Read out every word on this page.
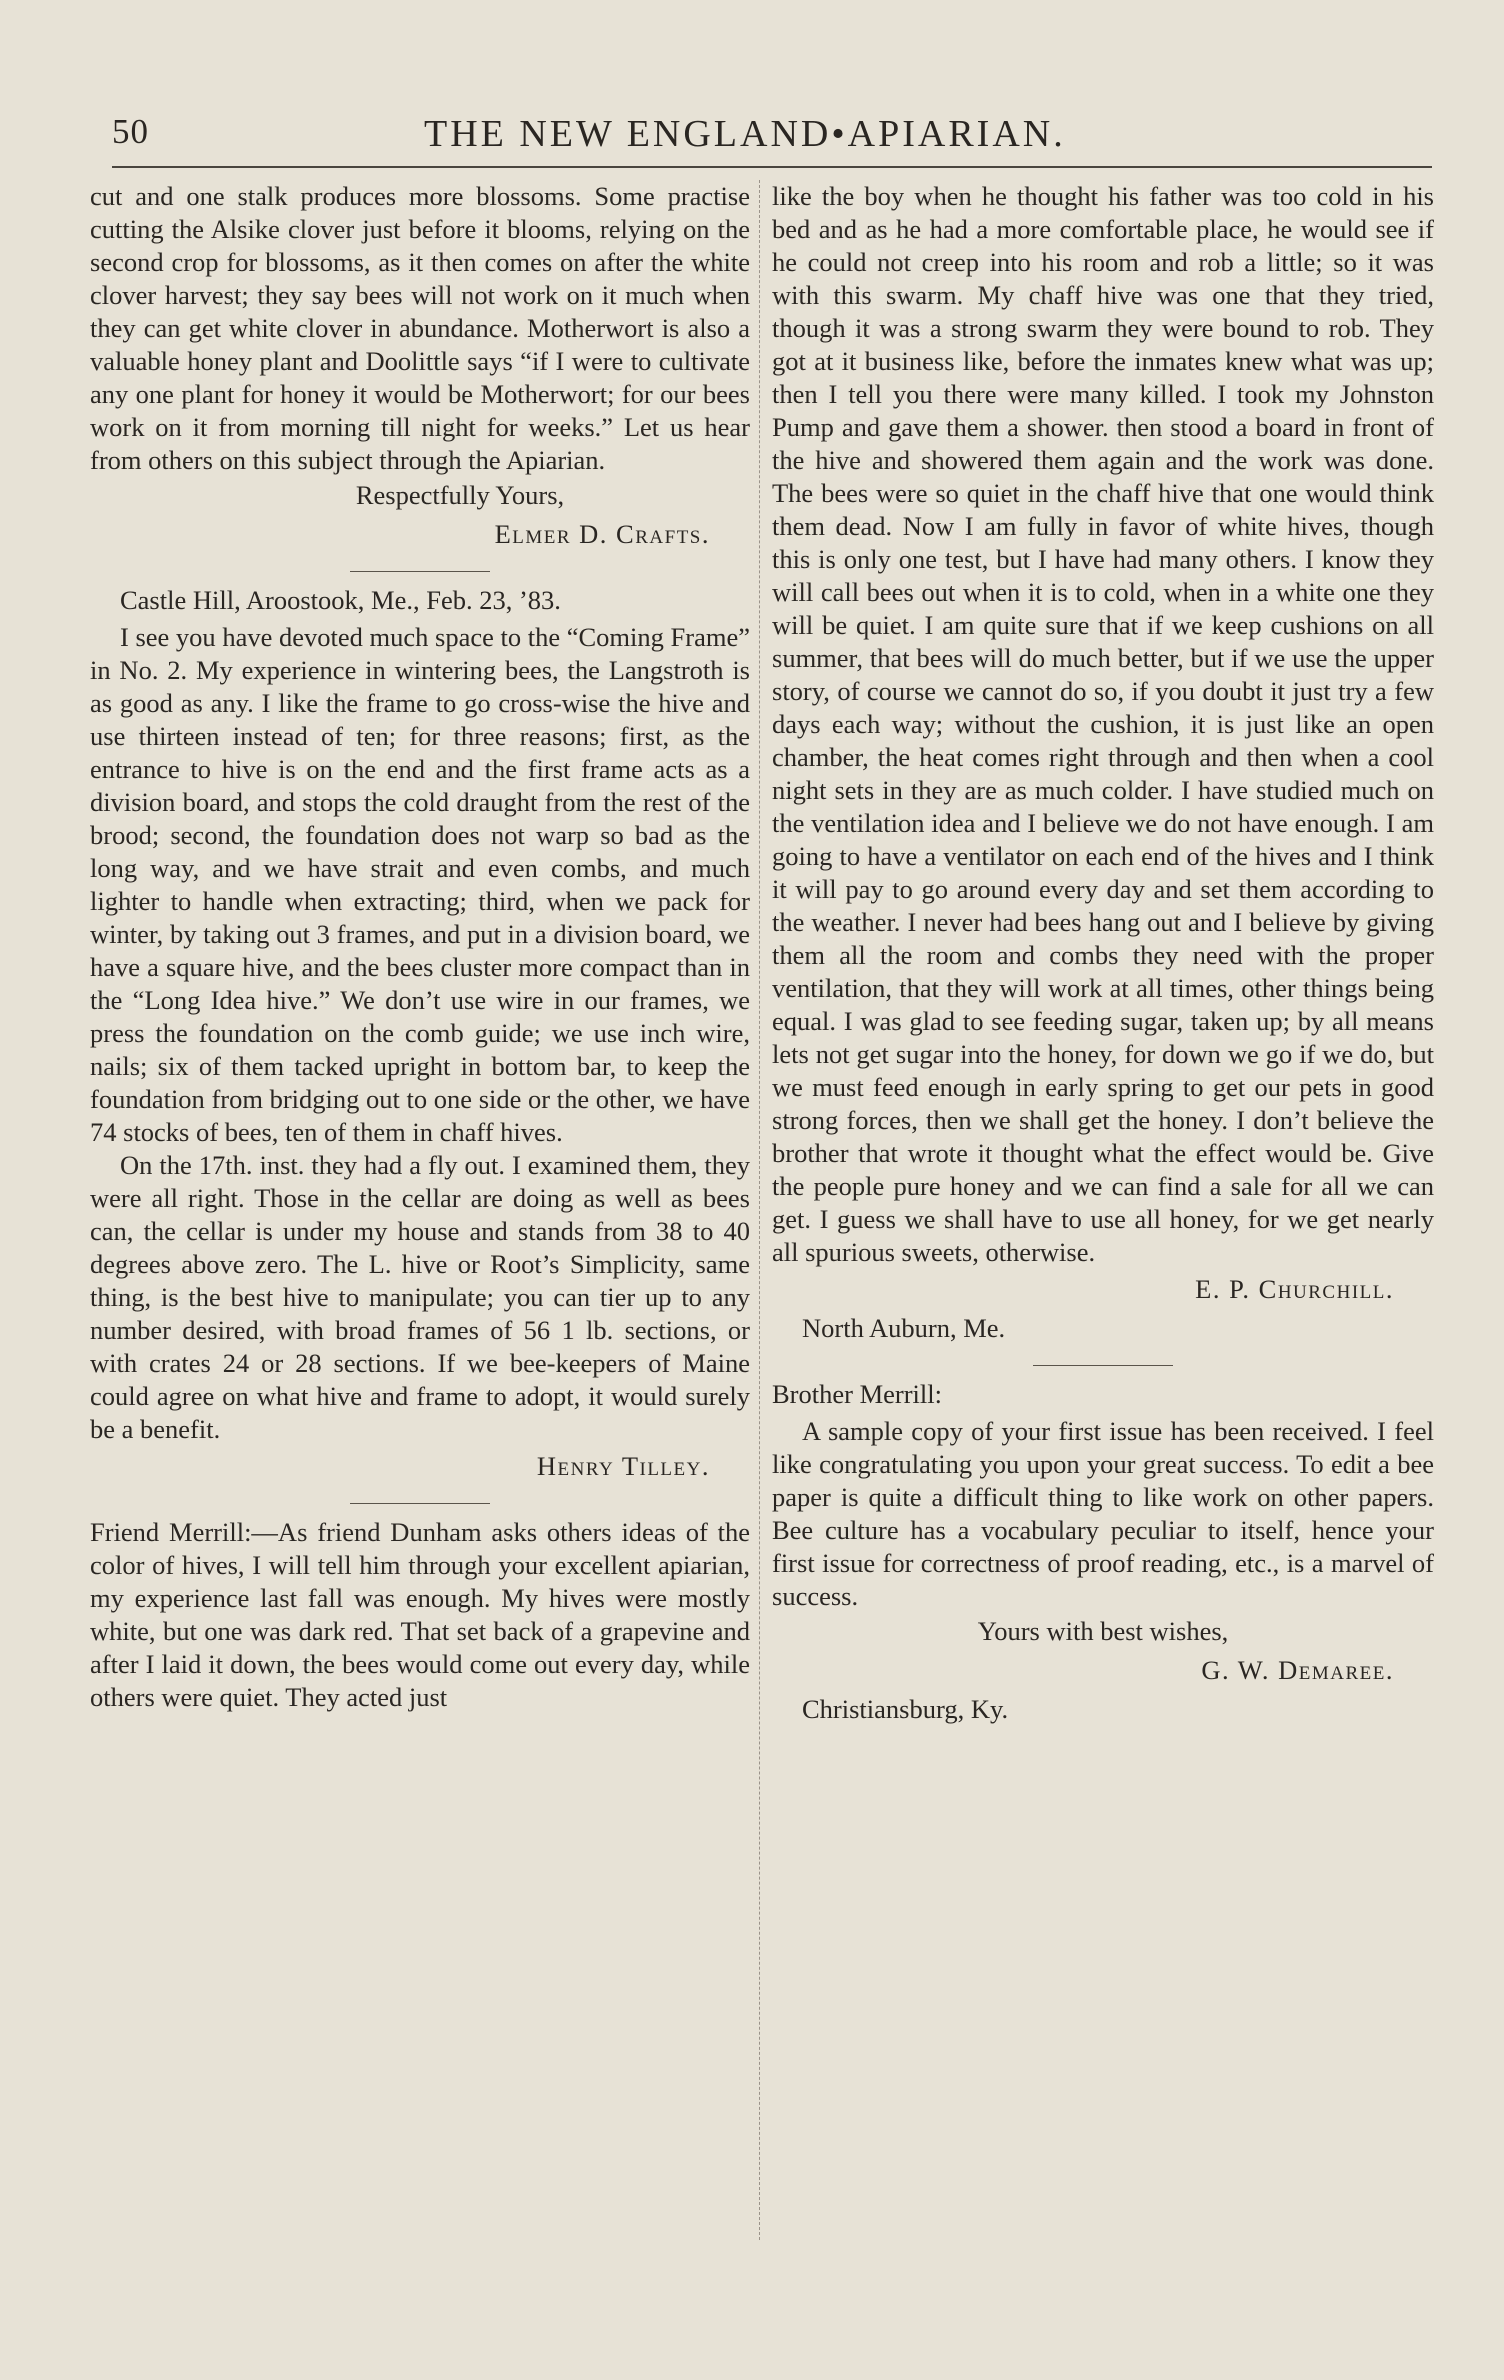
50	THE NEW ENGLAND•APIARIAN.

cut and one stalk produces more blossoms. Some practise cutting the Alsike clover just before it blooms, relying on the second crop for blossoms, as it then comes on after the white clover harvest; they say bees will not work on it much when they can get white clover in abundance. Motherwort is also a valuable honey plant and Doolittle says “if I were to cultivate any one plant for honey it would be Motherwort; for our bees work on it from morning till night for weeks.” Let us hear from others on this subject through the Apiarian.

Respectfully Yours,

Elmer D. Crafts.

Castle Hill, Aroostook, Me., Feb. 23, ’83.

I see you have devoted much space to the “Coming Frame” in No. 2. My experience in wintering bees, the Langstroth is as good as any. I like the frame to go cross-wise the hive and use thirteen instead of ten; for three reasons; first, as the entrance to hive is on the end and the first frame acts as a division board, and stops the cold draught from the rest of the brood; second, the foundation does not warp so bad as the long way, and we have strait and even combs, and much lighter to handle when extracting; third, when we pack for winter, by taking out 3 frames, and put in a division board, we have a square hive, and the bees cluster more compact than in the “Long Idea hive.” We don’t use wire in our frames, we press the foundation on the comb guide; we use inch wire, nails; six of them tacked upright in bottom bar, to keep the foundation from bridging out to one side or the other, we have 74 stocks of bees, ten of them in chaff hives.

On the 17th. inst. they had a fly out. I examined them, they were all right. Those in the cellar are doing as well as bees can, the cellar is under my house and stands from 38 to 40 degrees above zero. The L. hive or Root’s Simplicity, same thing, is the best hive to manipulate; you can tier up to any number desired, with broad frames of 56 1 lb. sections, or with crates 24 or 28 sections. If we bee-keepers of Maine could agree on what hive and frame to adopt, it would surely be a benefit.

Henry Tilley.

Friend Merrill:—As friend Dunham asks others ideas of the color of hives, I will tell him through your excellent apiarian, my experience last fall was enough. My hives were mostly white, but one was dark red. That set back of a grapevine and after I laid it down, the bees would come out every day, while others were quiet. They acted just

like the boy when he thought his father was too cold in his bed and as he had a more comfortable place, he would see if he could not creep into his room and rob a little; so it was with this swarm. My chaff hive was one that they tried, though it was a strong swarm they were bound to rob. They got at it business like, before the inmates knew what was up; then I tell you there were many killed. I took my Johnston Pump and gave them a shower. then stood a board in front of the hive and showered them again and the work was done. The bees were so quiet in the chaff hive that one would think them dead. Now I am fully in favor of white hives, though this is only one test, but I have had many others. I know they will call bees out when it is to cold, when in a white one they will be quiet. I am quite sure that if we keep cushions on all summer, that bees will do much better, but if we use the upper story, of course we cannot do so, if you doubt it just try a few days each way; without the cushion, it is just like an open chamber, the heat comes right through and then when a cool night sets in they are as much colder. I have studied much on the ventilation idea and I believe we do not have enough. I am going to have a ventilator on each end of the hives and I think it will pay to go around every day and set them according to the weather. I never had bees hang out and I believe by giving them all the room and combs they need with the proper ventilation, that they will work at all times, other things being equal. I was glad to see feeding sugar, taken up; by all means lets not get sugar into the honey, for down we go if we do, but we must feed enough in early spring to get our pets in good strong forces, then we shall get the honey. I don’t believe the brother that wrote it thought what the effect would be. Give the people pure honey and we can find a sale for all we can get. I guess we shall have to use all honey, for we get nearly all spurious sweets, otherwise.

E. P. Churchill.

North Auburn, Me.

Brother Merrill:

A sample copy of your first issue has been received. I feel like congratulating you upon your great success. To edit a bee paper is quite a difficult thing to like work on other papers. Bee culture has a vocabulary peculiar to itself, hence your first issue for correctness of proof reading, etc., is a marvel of success.

Yours with best wishes,

G. W. Demaree.

Christiansburg, Ky.
